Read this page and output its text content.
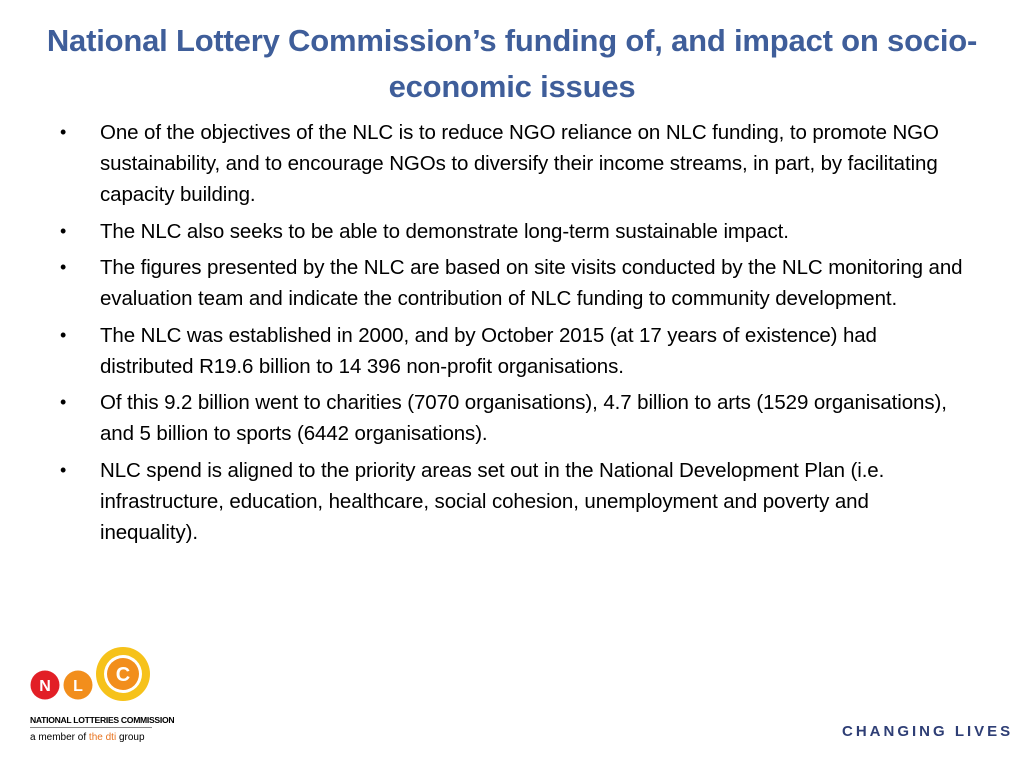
National Lottery Commission’s funding of, and impact on socio-economic issues
• One of the objectives of the NLC is to reduce NGO reliance on NLC funding, to promote NGO sustainability, and to encourage NGOs to diversify their income streams, in part, by facilitating capacity building.
• The NLC also seeks to be able to demonstrate long-term sustainable impact.
• The figures presented by the NLC are based on site visits conducted by the NLC monitoring and evaluation team and indicate the contribution of NLC funding to community development.
• The NLC was established in 2000, and by October 2015 (at 17 years of existence) had distributed R19.6 billion to 14 396 non-profit organisations.
• Of this 9.2 billion went to charities (7070 organisations), 4.7 billion to arts (1529 organisations), and 5 billion to sports (6442 organisations).
• NLC spend is aligned to the priority areas set out in the National Development Plan (i.e. infrastructure, education, healthcare, social cohesion, unemployment and poverty and inequality).
N L
C
NATIONAL LOTTERIES COMMISSION
a member of the dti group	CHANGING LIVES
